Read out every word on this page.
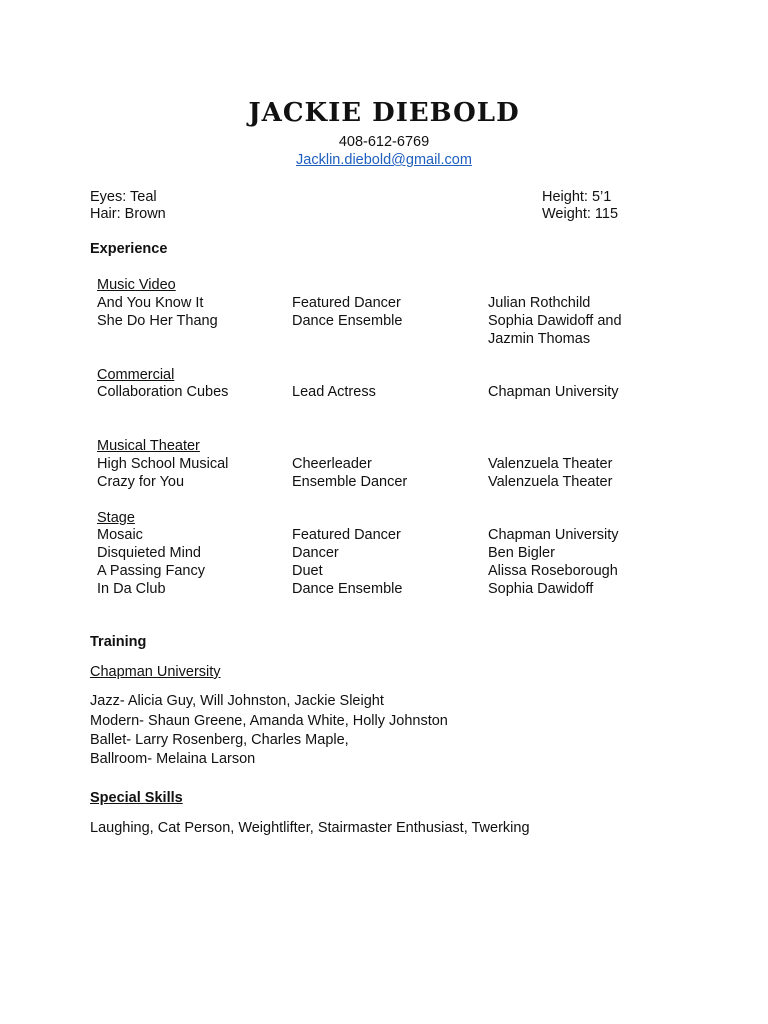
JACKIE DIEBOLD
408-612-6769
Jacklin.diebold@gmail.com
Eyes: Teal
Hair: Brown
Height: 5’1
Weight: 115
Experience
Music Video
And You Know It	Featured Dancer	Julian Rothchild
She Do Her Thang	Dance Ensemble	Sophia Dawidoff and
Jazmin Thomas
Commercial
Collaboration Cubes	Lead Actress	Chapman University
Musical Theater
High School Musical	Cheerleader	Valenzuela Theater
Crazy for You	Ensemble Dancer	Valenzuela Theater
Stage
Mosaic	Featured Dancer	Chapman University
Disquieted Mind	Dancer	Ben Bigler
A Passing Fancy	Duet	Alissa Roseborough
In Da Club	Dance Ensemble	Sophia Dawidoff
Training
Chapman University
Jazz- Alicia Guy, Will Johnston, Jackie Sleight
Modern- Shaun Greene, Amanda White, Holly Johnston
Ballet- Larry Rosenberg, Charles Maple,
Ballroom- Melaina Larson
Special Skills
Laughing, Cat Person, Weightlifter, Stairmaster Enthusiast, Twerking
